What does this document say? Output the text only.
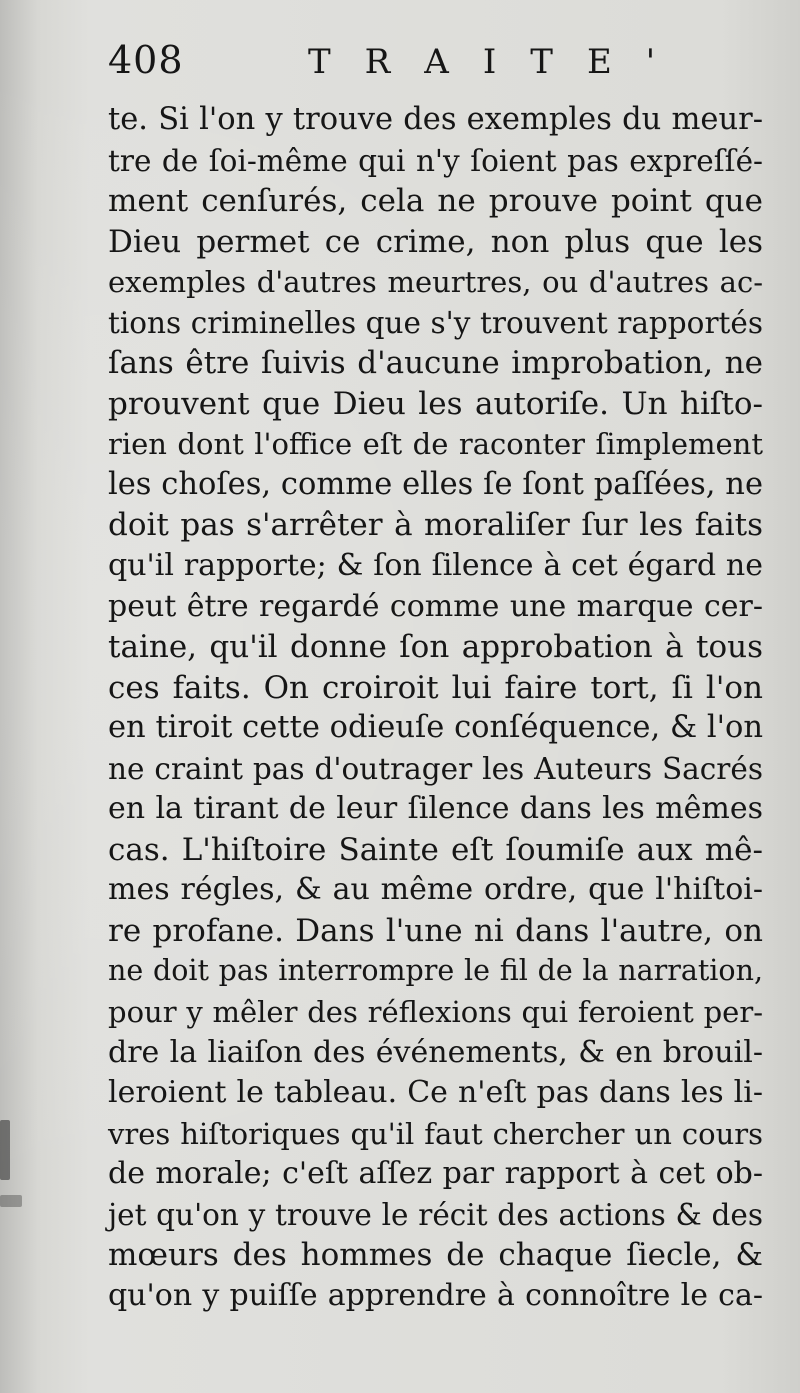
408	TRAITE'
te. Si l'on y trouve des exemples du meur-
tre de ſoi-même qui n'y ſoient pas expreſſé-
ment cenſurés, cela ne prouve point que
Dieu permet ce crime, non plus que les
exemples d'autres meurtres, ou d'autres ac-
tions criminelles que s'y trouvent rapportés
ſans être ſuivis d'aucune improbation, ne
prouvent que Dieu les autoriſe. Un hiſto-
rien dont l'office eſt de raconter ſimplement
les choſes, comme elles ſe ſont paſſées, ne
doit pas s'arrêter à moraliſer ſur les faits
qu'il rapporte; & ſon ſilence à cet égard ne
peut être regardé comme une marque cer-
taine, qu'il donne ſon approbation à tous
ces faits. On croiroit lui faire tort, ſi l'on
en tiroit cette odieuſe conſéquence, & l'on
ne craint pas d'outrager les Auteurs Sacrés
en la tirant de leur ſilence dans les mêmes
cas. L'hiſtoire Sainte eſt ſoumiſe aux mê-
mes régles, & au même ordre, que l'hiſtoi-
re profane. Dans l'une ni dans l'autre, on
ne doit pas interrompre le fil de la narration,
pour y mêler des réflexions qui feroient per-
dre la liaiſon des événements, & en brouil-
leroient le tableau. Ce n'eſt pas dans les li-
vres hiſtoriques qu'il faut chercher un cours
de morale; c'eſt aſſez par rapport à cet ob-
jet qu'on y trouve le récit des actions & des
mœurs des hommes de chaque ſiecle, &
qu'on y puiſſe apprendre à connoître le ca-
